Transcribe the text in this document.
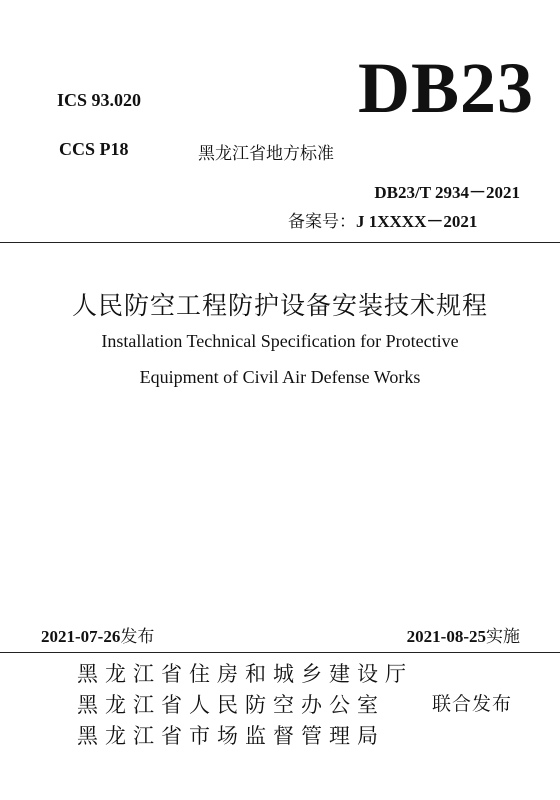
ICS 93.020	DB23
CCS P18	黑龙江省地方标准
DB23/T 2934－2021
备案号：J 1XXXX－2021
人民防空工程防护设备安装技术规程
Installation Technical Specification for Protective
Equipment of Civil Air Defense Works
2021-07-26发布	2021-08-25实施
黑龙江省住房和城乡建设厅
黑龙江省人民防空办公室
黑龙江省市场监督管理局
联合发布
